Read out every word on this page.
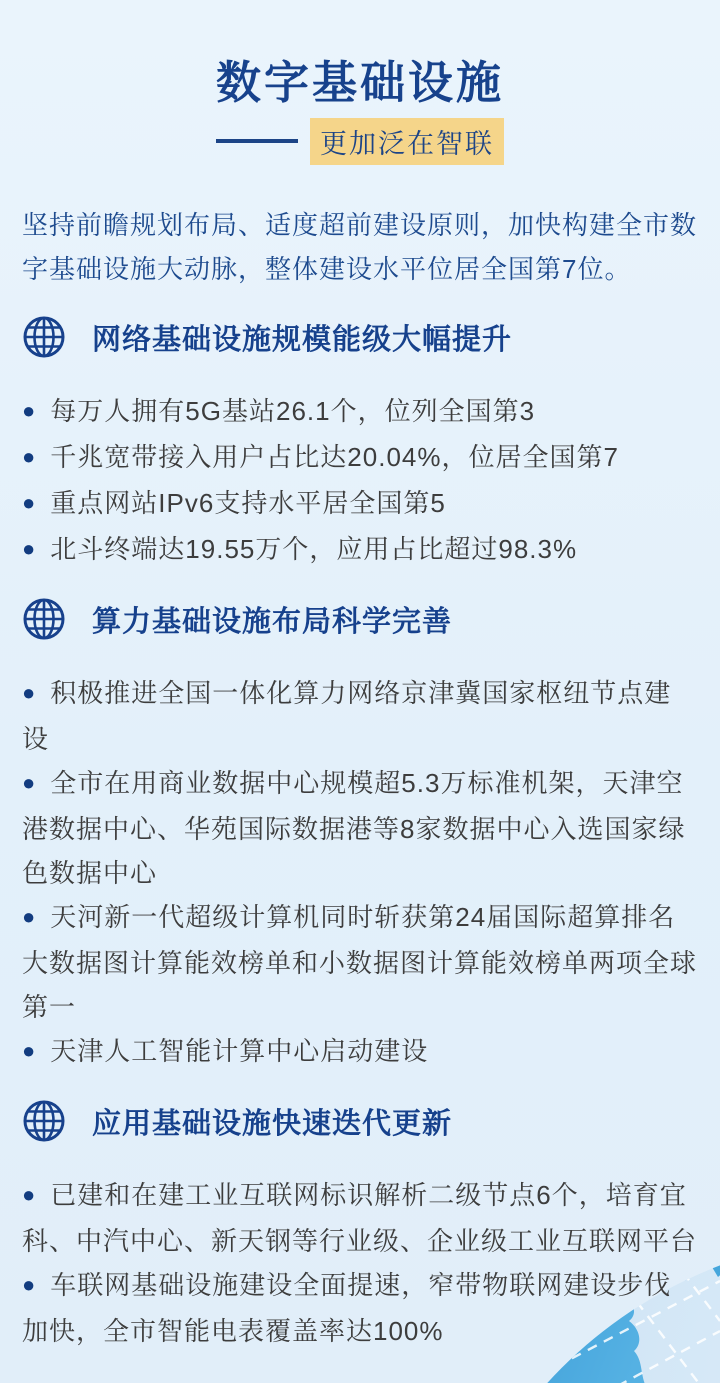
数字基础设施
更加泛在智联
坚持前瞻规划布局、适度超前建设原则，加快构建全市数字基础设施大动脉，整体建设水平位居全国第7位。
网络基础设施规模能级大幅提升

● 每万人拥有5G基站26.1个，位列全国第3

● 千兆宽带接入用户占比达20.04%，位居全国第7

● 重点网站IPv6支持水平居全国第5

● 北斗终端达19.55万个，应用占比超过98.3%

算力基础设施布局科学完善

● 积极推进全国一体化算力网络京津冀国家枢纽节点建设

● 全市在用商业数据中心规模超5.3万标准机架，天津空港数据中心、华苑国际数据港等8家数据中心入选国家绿色数据中心

● 天河新一代超级计算机同时斩获第24届国际超算排名大数据图计算能效榜单和小数据图计算能效榜单两项全球第一

● 天津人工智能计算中心启动建设

应用基础设施快速迭代更新

● 已建和在建工业互联网标识解析二级节点6个，培育宜科、中汽中心、新天钢等行业级、企业级工业互联网平台

● 车联网基础设施建设全面提速，窄带物联网建设步伐加快，全市智能电表覆盖率达100%
